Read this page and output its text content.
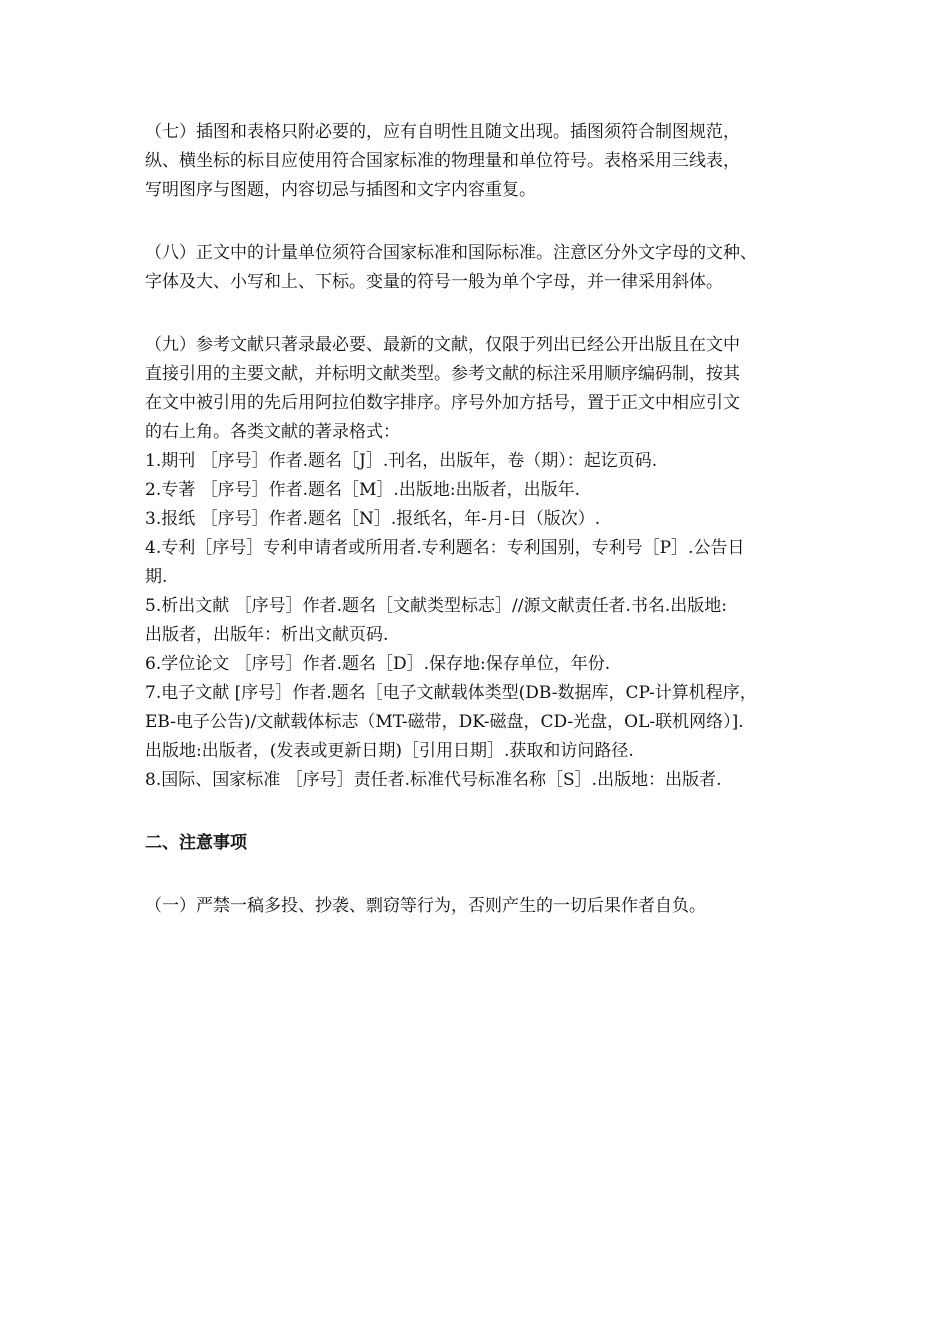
（七）插图和表格只附必要的，应有自明性且随文出现。插图须符合制图规范，
纵、横坐标的标目应使用符合国家标准的物理量和单位符号。表格采用三线表，
写明图序与图题，内容切忌与插图和文字内容重复。
（八）正文中的计量单位须符合国家标准和国际标准。注意区分外文字母的文种、
字体及大、小写和上、下标。变量的符号一般为单个字母，并一律采用斜体。
（九）参考文献只著录最必要、最新的文献，仅限于列出已经公开出版且在文中
直接引用的主要文献，并标明文献类型。参考文献的标注采用顺序编码制，按其
在文中被引用的先后用阿拉伯数字排序。序号外加方括号，置于正文中相应引文
的右上角。各类文献的著录格式：
1.期刊 ［序号］作者.题名［J］.刊名，出版年，卷（期）：起讫页码.
2.专著 ［序号］作者.题名［M］.出版地:出版者，出版年.
3.报纸 ［序号］作者.题名［N］.报纸名，年-月-日（版次）.
4.专利［序号］专利申请者或所用者.专利题名：专利国别，专利号［P］.公告日
期.
5.析出文献 ［序号］作者.题名［文献类型标志］//源文献责任者.书名.出版地:
出版者，出版年：析出文献页码.
6.学位论文 ［序号］作者.题名［D］.保存地:保存单位，年份.
7.电子文献 [序号］作者.题名［电子文献载体类型(DB-数据库，CP-计算机程序，
EB-电子公告)/文献载体标志（MT-磁带，DK-磁盘，CD-光盘，OL-联机网络）].
出版地:出版者，(发表或更新日期)［引用日期］.获取和访问路径.
8.国际、国家标准 ［序号］责任者.标准代号标准名称［S］.出版地：出版者.
二、注意事项
（一）严禁一稿多投、抄袭、剽窃等行为，否则产生的一切后果作者自负。
